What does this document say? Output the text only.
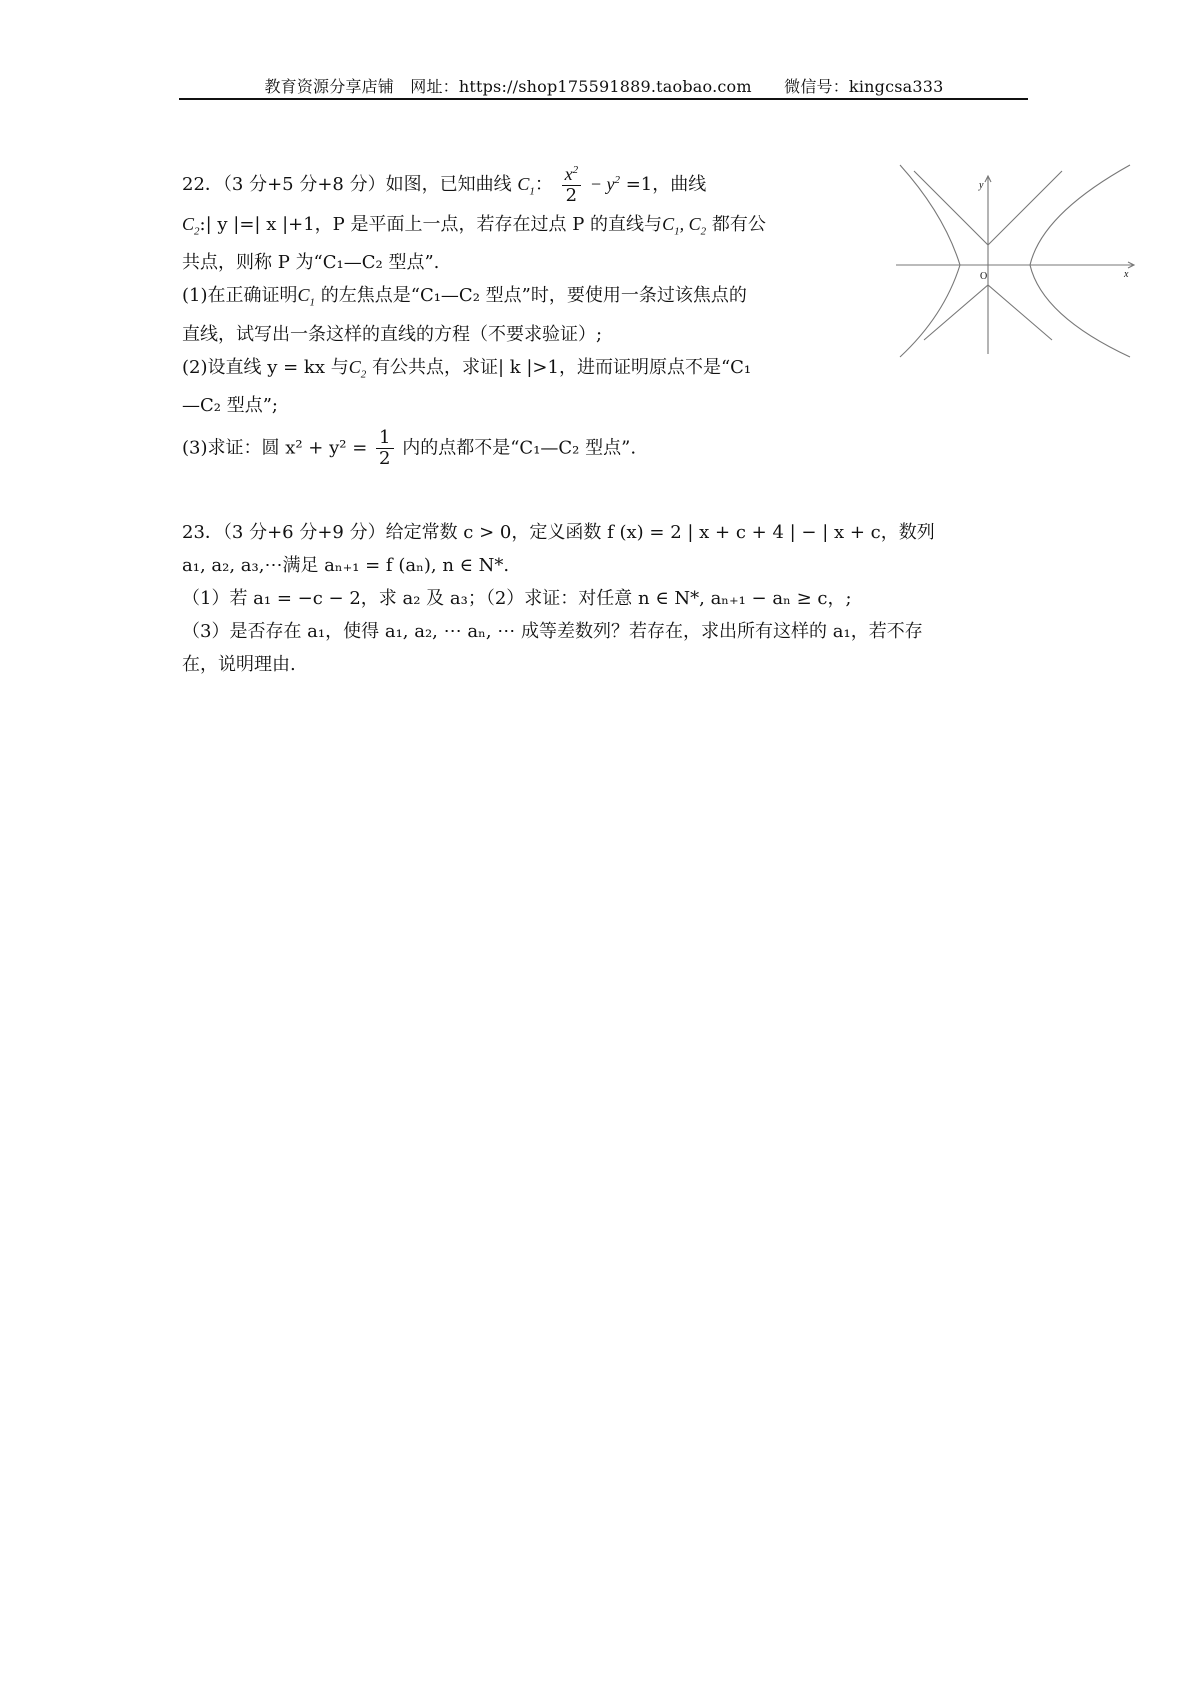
教育资源分享店铺　网址：https://shop175591889.taobao.com　　微信号：kingcsa333
22．（3 分+5 分+8 分）如图，已知曲线 $C_1$： $\frac{x^2}{2} - y^2 =1$，曲线
$C_2:|$ y |=| x |+1，P 是平面上一点，若存在过点 P 的直线与$C_1$, $C_2$ 都有公
共点，则称 P 为“C₁—C₂ 型点”.
(1)在正确证明$C_1$ 的左焦点是“C₁—C₂ 型点”时，要使用一条过该焦点的
直线，试写出一条这样的直线的方程（不要求验证）;
(2)设直线 y = kx 与$C_2$ 有公共点，求证| k |>1，进而证明原点不是“C₁
—C₂ 型点”;
(3)求证：圆 $x^2 + y^2 = \frac{1}{2}$ 内的点都不是“C₁—C₂ 型点”.
y
x
O
23．（3 分+6 分+9 分）给定常数 c > 0，定义函数 f (x) = 2 | x + c + 4 | − | x + c，数列
a₁, a₂, a₃,⋯满足 aₙ₊₁ = f (aₙ), n ∈ N*.
（1）若 a₁ = −c − 2，求 a₂ 及 a₃；（2）求证：对任意 n ∈ N*, aₙ₊₁ − aₙ ≥ c，;
（3）是否存在 a₁，使得 a₁, a₂, ⋯ aₙ, ⋯ 成等差数列？若存在，求出所有这样的 a₁，若不存
在，说明理由.
